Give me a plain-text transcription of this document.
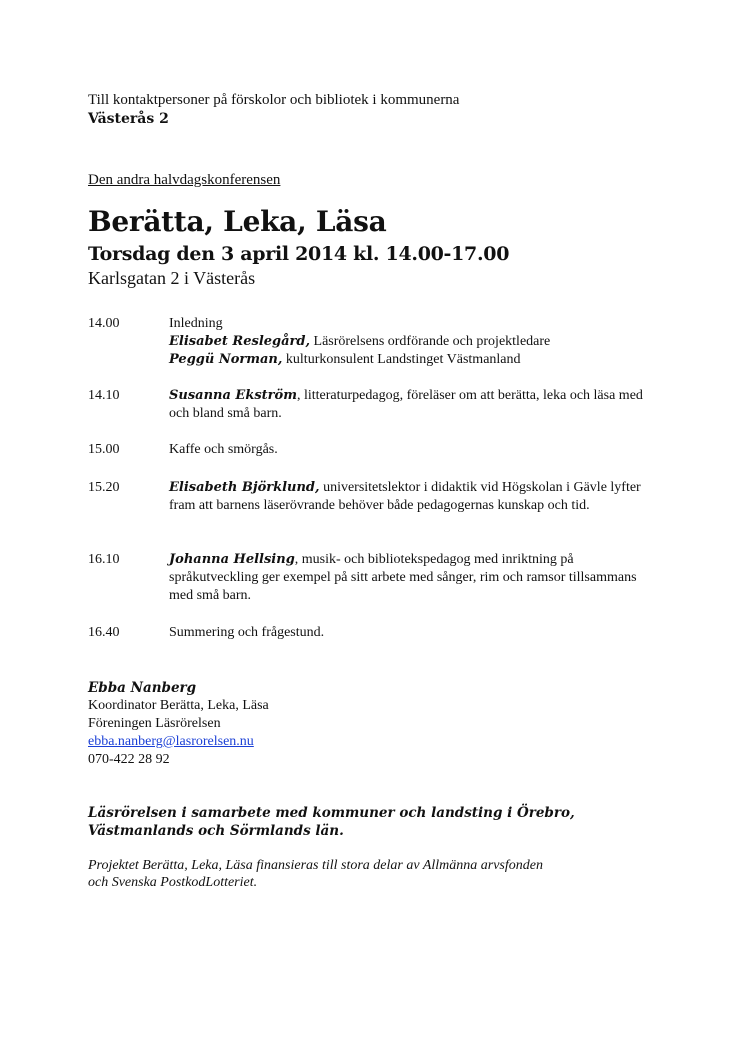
Till kontaktpersoner på förskolor och bibliotek i kommunerna
Västerås 2
Den andra halvdagskonferensen
Berätta, Leka, Läsa
Torsdag den 3 april 2014 kl. 14.00-17.00
Karlsgatan 2 i Västerås
14.00	Inledning
Elisabet Reslegård, Läsrörelsens ordförande och projektledare
Peggü Norman, kulturkonsulent Landstinget Västmanland
14.10	Susanna Ekström, litteraturpedagog, föreläser om att berätta, leka och läsa med och bland små barn.
15.00	Kaffe och smörgås.
15.20	Elisabeth Björklund, universitetslektor i didaktik vid Högskolan i Gävle lyfter fram att barnens läserövrande behöver både pedagogernas kunskap och tid.
16.10	Johanna Hellsing, musik- och bibliotekspedagog med inriktning på språkutveckling ger exempel på sitt arbete med sånger, rim och ramsor tillsammans med små barn.
16.40	Summering och frågestund.
Ebba Nanberg
Koordinator Berätta, Leka, Läsa
Föreningen Läsrörelsen
ebba.nanberg@lasrorelsen.nu
070-422 28 92
Läsrörelsen i samarbete med kommuner och landsting i Örebro,
Västmanlands och Sörmlands län.
Projektet Berätta, Leka, Läsa finansieras till stora delar av Allmänna arvsfonden
och Svenska PostkodLotteriet.
